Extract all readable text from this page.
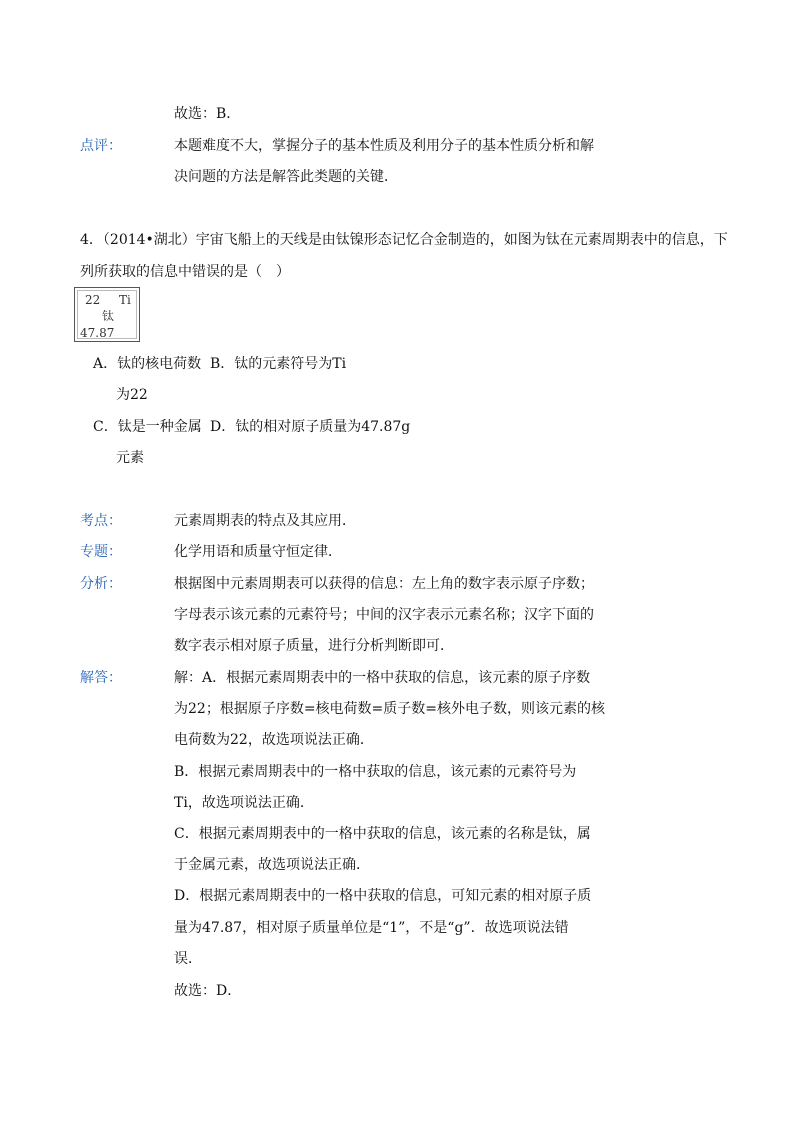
故选：B．
点评：	本题难度不大，掌握分子的基本性质及利用分子的基本性质分析和解
决问题的方法是解答此类题的关键．
4．（2014•湖北）宇宙飞船上的天线是由钛镍形态记忆合金制造的，如图为钛在元素周期表中的信息，下
列所获取的信息中错误的是（　）
22 Ti
钛
47.87
A．钛的核电荷数 B．钛的元素符号为Ti
为22
C．钛是一种金属 D．钛的相对原子质量为47.87g
元素
考点：	元素周期表的特点及其应用．
专题：	化学用语和质量守恒定律．
分析：	根据图中元素周期表可以获得的信息：左上角的数字表示原子序数；
字母表示该元素的元素符号；中间的汉字表示元素名称；汉字下面的
数字表示相对原子质量，进行分析判断即可．
解答：	解：A．根据元素周期表中的一格中获取的信息，该元素的原子序数
为22；根据原子序数=核电荷数=质子数=核外电子数，则该元素的核
电荷数为22，故选项说法正确．
B．根据元素周期表中的一格中获取的信息，该元素的元素符号为
Ti，故选项说法正确．
C．根据元素周期表中的一格中获取的信息，该元素的名称是钛，属
于金属元素，故选项说法正确．
D．根据元素周期表中的一格中获取的信息，可知元素的相对原子质
量为47.87，相对原子质量单位是“1”，不是“g”．故选项说法错
误．
故选：D．
